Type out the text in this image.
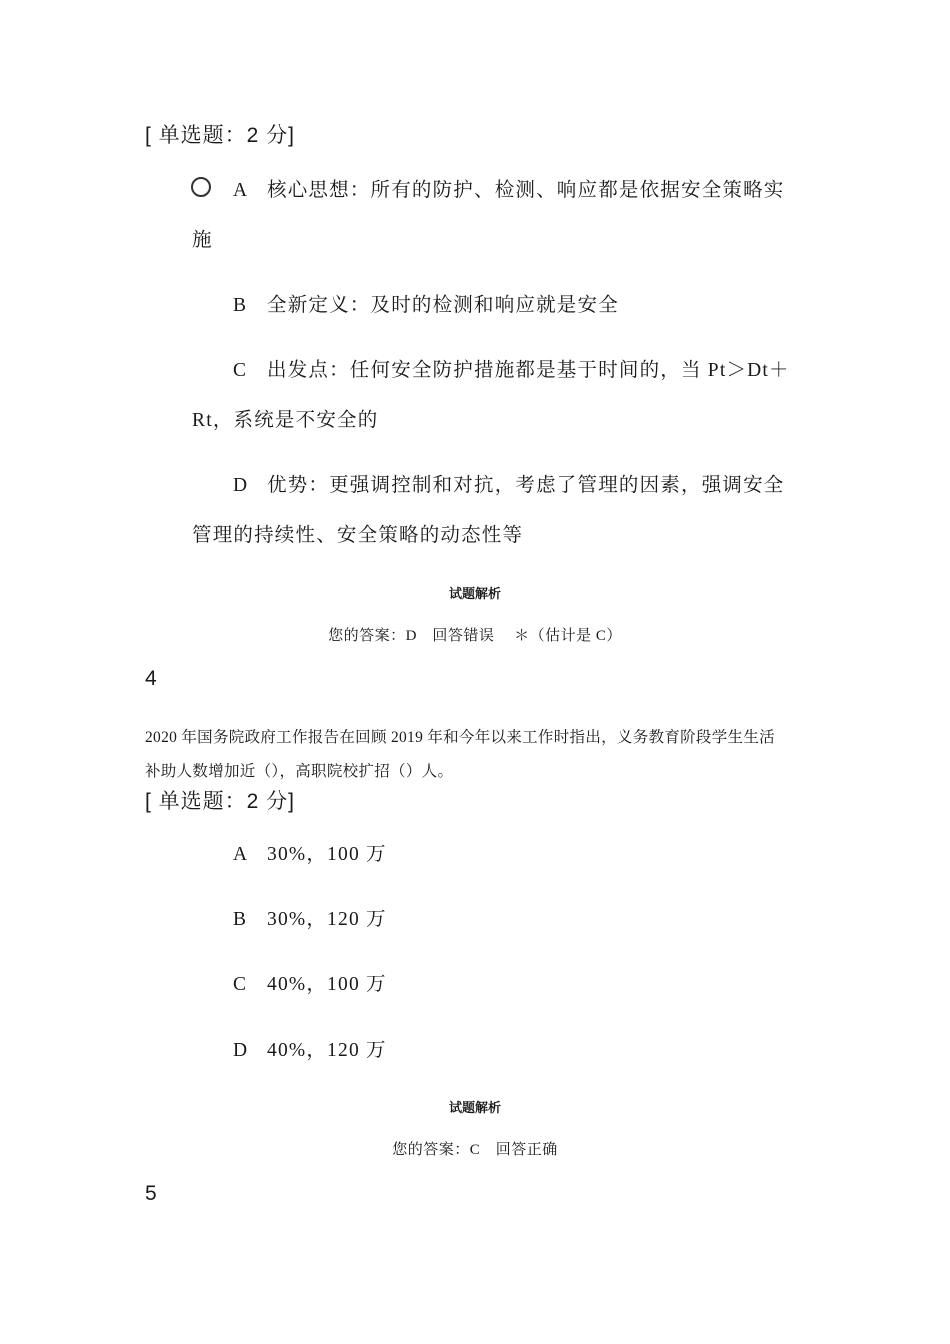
[ 单选题：2 分]
A 核心思想：所有的防护、检测、响应都是依据安全策略实
施
B 全新定义：及时的检测和响应就是安全
C 出发点：任何安全防护措施都是基于时间的，当 Pt＞Dt＋
Rt，系统是不安全的
D 优势：更强调控制和对抗，考虑了管理的因素，强调安全
管理的持续性、安全策略的动态性等
试题解析
您的答案：D　回答错误　 ＊（估计是 C）
4
2020 年国务院政府工作报告在回顾 2019 年和今年以来工作时指出，义务教育阶段学生生活
补助人数增加近（），高职院校扩招（）人。
[ 单选题：2 分]
A 30%，100 万
B 30%，120 万
C 40%，100 万
D 40%，120 万
试题解析
您的答案：C　回答正确
5
